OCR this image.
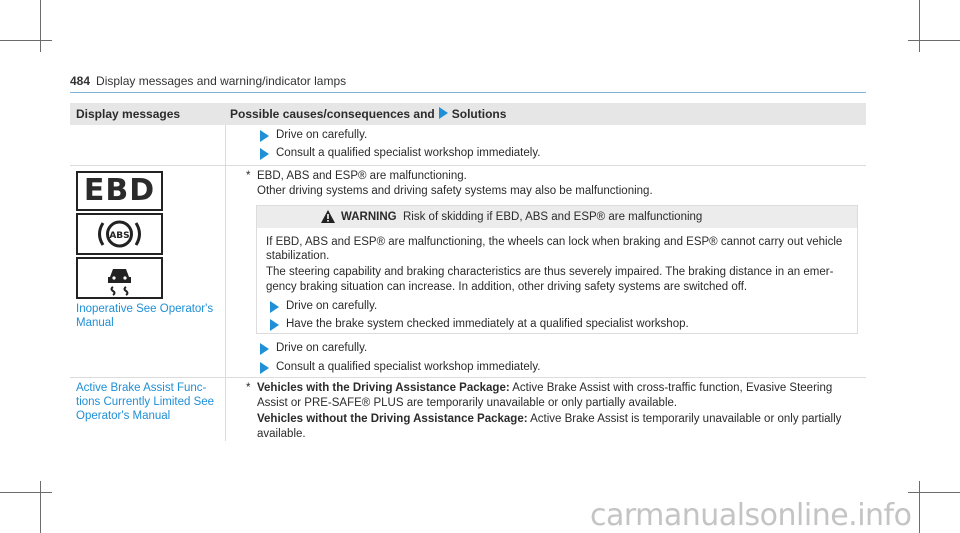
484 Display messages and warning/indicator lamps
Display messages	Possible causes/consequences and Solutions
Drive on carefully.
Consult a qualified specialist workshop immediately.
EBD
ABS
Inoperative See Operator's
Manual
* EBD, ABS and ESP® are malfunctioning.
Other driving systems and driving safety systems may also be malfunctioning.
WARNING Risk of skidding if EBD, ABS and ESP® are malfunctioning
If EBD, ABS and ESP® are malfunctioning, the wheels can lock when braking and ESP® cannot carry out vehicle
stabilization.
The steering capability and braking characteristics are thus severely impaired. The braking distance in an emer-
gency braking situation can increase. In addition, other driving safety systems are switched off.
Drive on carefully.
Have the brake system checked immediately at a qualified specialist workshop.
Drive on carefully.
Consult a qualified specialist workshop immediately.
Active Brake Assist Func-
tions Currently Limited See
Operator's Manual
* Vehicles with the Driving Assistance Package: Active Brake Assist with cross-traffic function, Evasive Steering
Assist or PRE-SAFE® PLUS are temporarily unavailable or only partially available.
Vehicles without the Driving Assistance Package: Active Brake Assist is temporarily unavailable or only partially
available.
carmanualsonline.info
